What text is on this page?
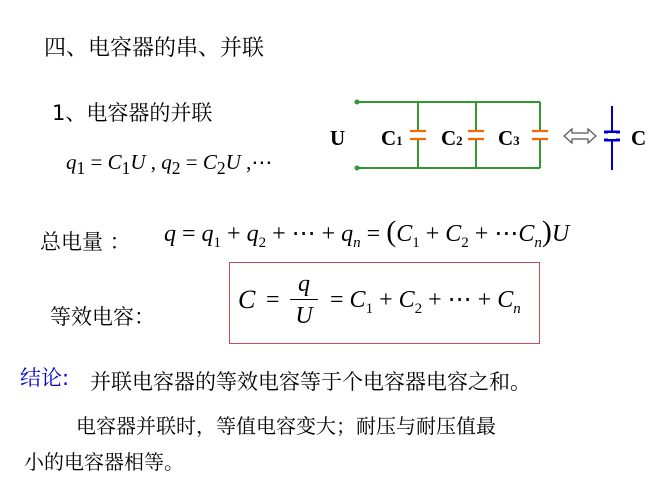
四、电容器的串、并联
1、电容器的并联
$q_1 = C_1U$ , $q_2 = C_2U$ ,⋯
总电量 ： $q = q_1 + q_2$ + ⋯ + $q_n = (C_1 + C_2$ + $\cdots C_n)U$
等效电容：
C =
q
U
= $C_1 + C_2$ + ⋯ + $C_n$
U C1 C2 C3	C
结论: 并联电容器的等效电容等于个电容器电容之和。
电容器并联时，等值电容变大；耐压与耐压值最
小的电容器相等。
